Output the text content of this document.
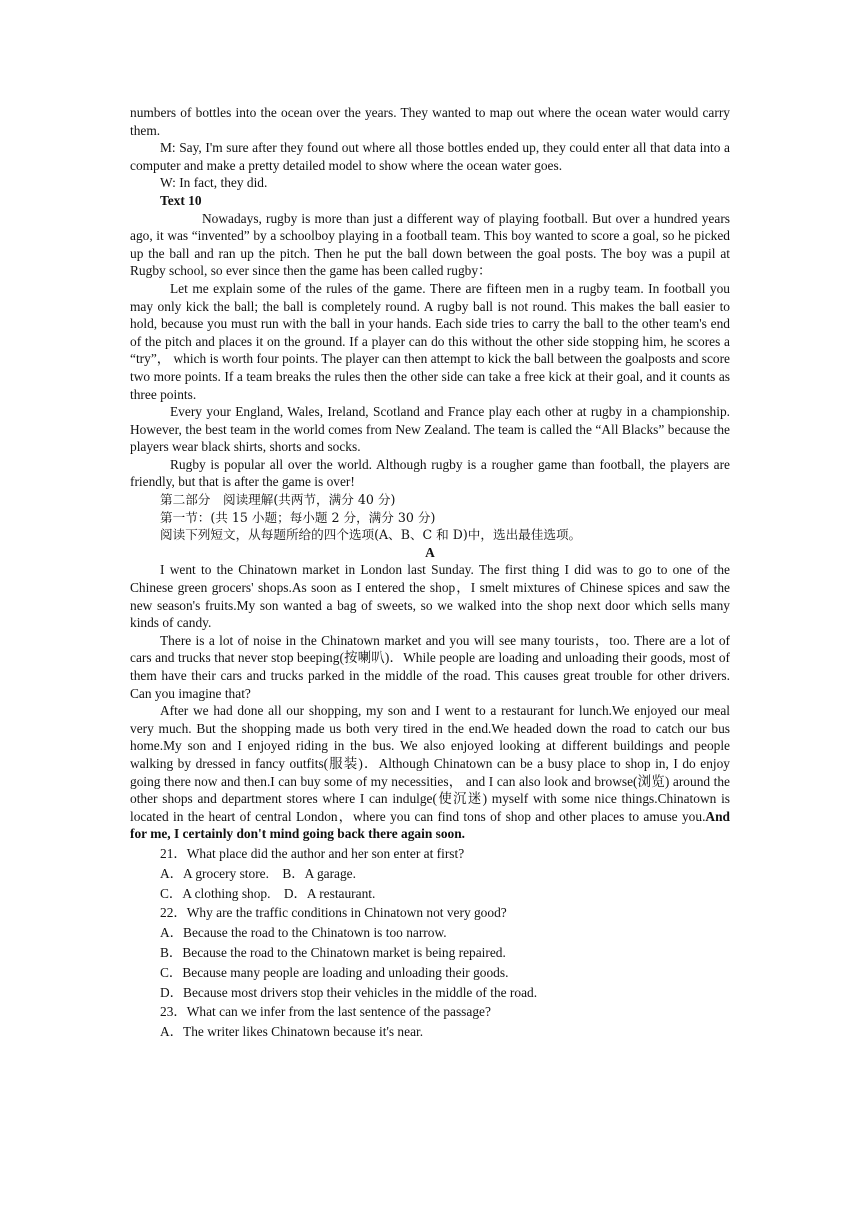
numbers of bottles into the ocean over the years. They wanted to map out where the ocean water would carry them.

M: Say, I'm sure after they found out where all those bottles ended up, they could enter all that data into a computer and make a pretty detailed model to show where the ocean water goes.

W: In fact, they did.

Text 10

Nowadays, rugby is more than just a different way of playing football. But over a hundred years ago, it was “invented” by a schoolboy playing in a football team. This boy wanted to score a goal, so he picked up the ball and ran up the pitch. Then he put the ball down between the goal posts. The boy was a pupil at Rugby school, so ever since then the game has been called rugby：

Let me explain some of the rules of the game. There are fifteen men in a rugby team. In football you may only kick the ball; the ball is completely round. A rugby ball is not round. This makes the ball easier to hold, because you must run with the ball in your hands. Each side tries to carry the ball to the other team's end of the pitch and places it on the ground. If a player can do this without the other side stopping him, he scores a “try”， which is worth four points. The player can then attempt to kick the ball between the goalposts and score two more points. If a team breaks the rules then the other side can take a free kick at their goal, and it counts as three points.

Every your England, Wales, Ireland, Scotland and France play each other at rugby in a championship. However, the best team in the world comes from New Zealand. The team is called the “All Blacks” because the players wear black shirts, shorts and socks.

Rugby is popular all over the world. Although rugby is a rougher game than football, the players are friendly, but that is after the game is over!

第二部分　阅读理解(共两节，满分 40 分)

第一节：(共 15 小题；每小题 2 分，满分 30 分)

阅读下列短文，从每题所给的四个选项(A、B、C 和 D)中，选出最佳选项。

A

I went to the Chinatown market in London last Sunday. The first thing I did was to go to one of the Chinese green grocers' shops.As soon as I entered the shop，I smelt mixtures of Chinese spices and saw the new season's fruits.My son wanted a bag of sweets, so we walked into the shop next door which sells many kinds of candy.

There is a lot of noise in the Chinatown market and you will see many tourists，too. There are a lot of cars and trucks that never stop beeping(按喇叭)．While people are loading and unloading their goods, most of them have their cars and trucks parked in the middle of the road. This causes great trouble for other drivers. Can you imagine that?

After we had done all our shopping, my son and I went to a restaurant for lunch.We enjoyed our meal very much. But the shopping made us both very tired in the end.We headed down the road to catch our bus home.My son and I enjoyed riding in the bus. We also enjoyed looking at different buildings and people walking by dressed in fancy outfits(服装)．Although Chinatown can be a busy place to shop in, I do enjoy going there now and then.I can buy some of my necessities， and I can also look and browse(浏览) around the other shops and department stores where I can indulge(使沉迷) myself with some nice things.Chinatown is located in the heart of central London，where you can find tons of shop and other places to amuse you.And for me, I certainly don't mind going back there again soon.

21．What place did the author and her son enter at first?

A．A grocery store.　B．A garage.

C．A clothing shop.　D．A restaurant.

22．Why are the traffic conditions in Chinatown not very good?

A．Because the road to the Chinatown is too narrow.

B．Because the road to the Chinatown market is being repaired.

C．Because many people are loading and unloading their goods.

D．Because most drivers stop their vehicles in the middle of the road.

23．What can we infer from the last sentence of the passage?

A．The writer likes Chinatown because it's near.
